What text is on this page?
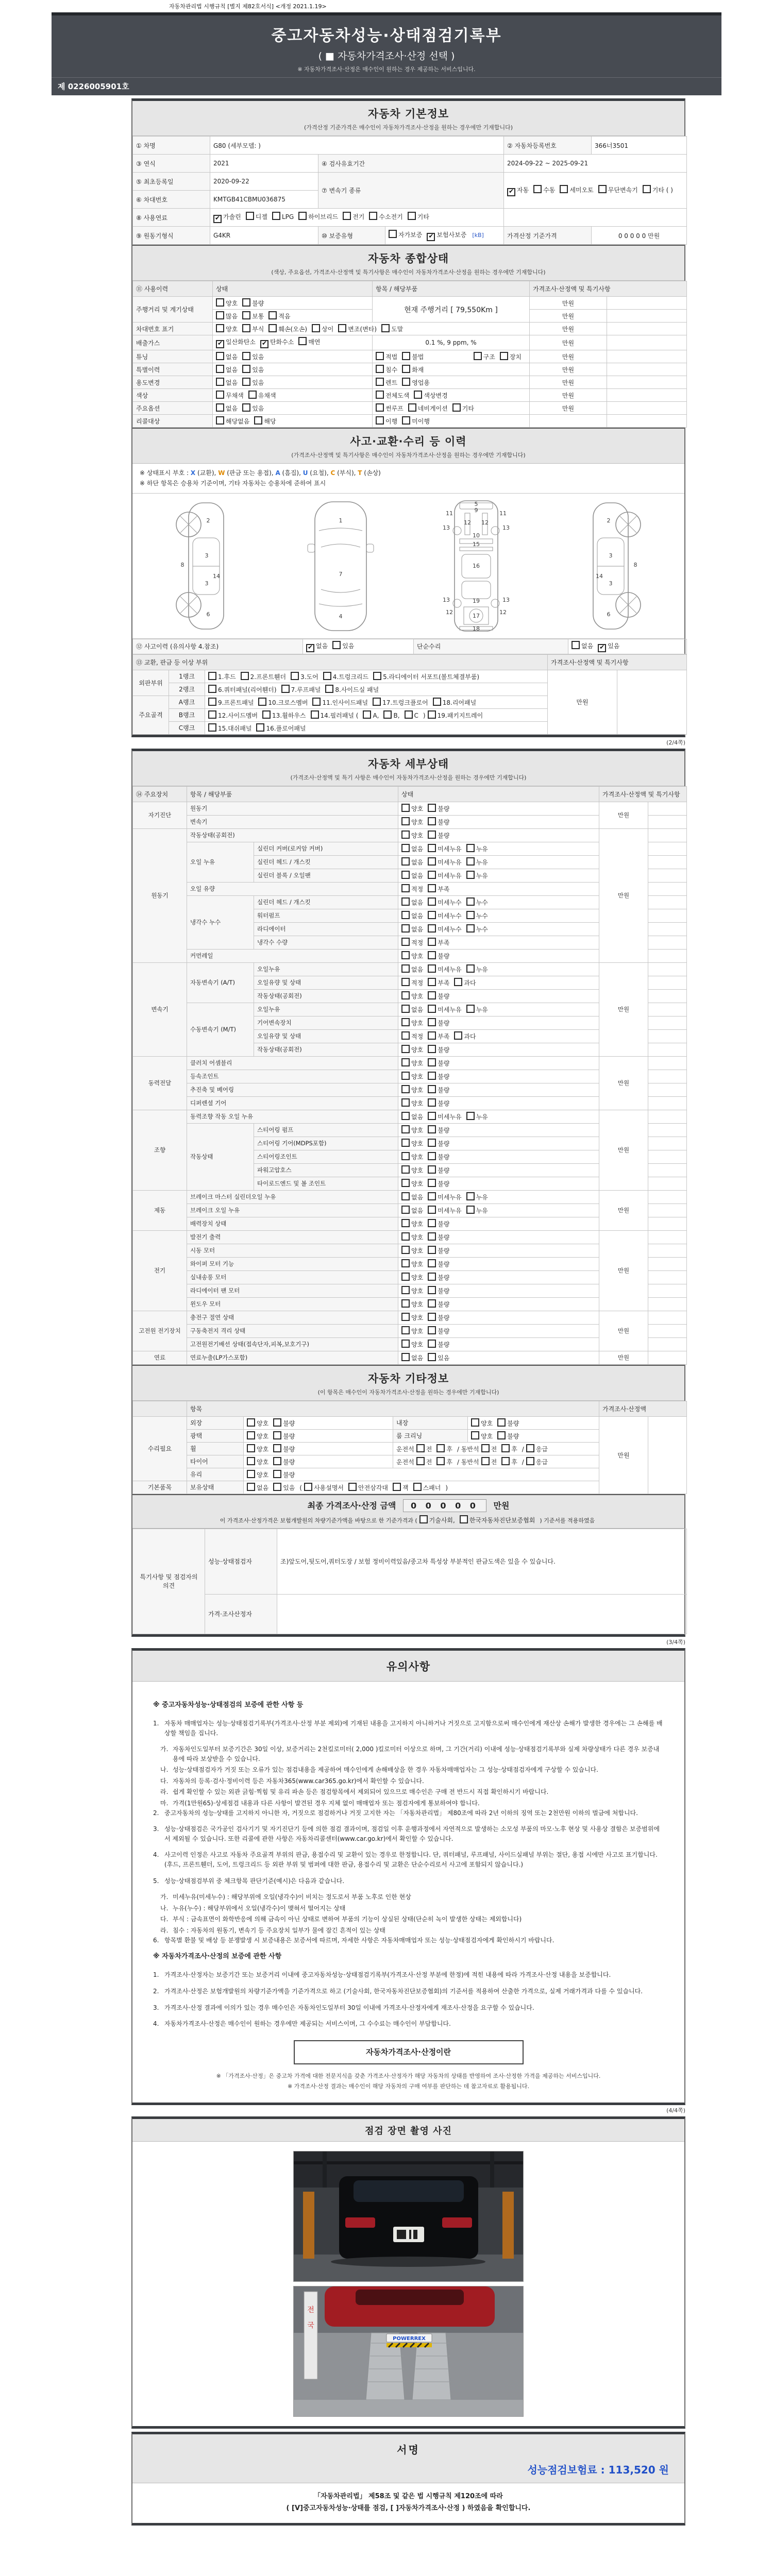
자동차관리법 시행규칙 [별지 제82호서식] <개정 2021.1.19>
중고자동차성능·상태점검기록부
( ■ 자동차가격조사·산정 선택 )
※ 자동차가격조사·산정은 매수인이 원하는 경우 제공하는 서비스입니다.
제 0226005901호
자동차 기본정보
(가격산정 기준가격은 매수인이 자동차가격조사·산정을 원하는 경우에만 기재합니다)
① 차명	G80 (세부모델: )			② 자동차등록번호	366너3501
③ 연식	2021	④ 검사유효기간		2024-09-22 ~ 2025-09-21	
⑤ 최초등록일	2020-09-22	⑦ 변속기 종류		✔ 자동 수동 세미오토 무단변속기 기타 ( )	
⑥ 차대번호	KMTGB41CBMU036875				
⑧ 사용연료	✔ 가솔린 디젤 LPG 하이브리드 전기 수소전기 기타				
⑨ 원동기형식	G4KR	⑩ 보증유형	자가보증 ✔ 보험사보증 [kB]	가격산정 기준가격	0 0 0 0 0 만원
자동차 종합상태
(색상, 주요옵션, 가격조사·산정액 및 특기사항은 매수인이 자동차가격조사·산정을 원하는 경우에만 기재합니다)
⑪ 사용이력	상태	항목 / 해당부품	가격조사·산정액 및 특기사항	
주행거리 및 계기상태	양호 불량	현재 주행거리 [ 79,550Km ]	만원	
	많음 보통 적음		만원	
차대번호 표기	양호 부식 훼손(오손) 상이 변조(변타) 도말		만원	
배출가스	✔ 일산화탄소 ✔ 탄화수소 매연	0.1 %, 9 ppm, %	만원	
튜닝	없음 있음	적법 불법 구조 장치	만원	
특별이력	없음 있음	침수 화재	만원	
용도변경	없음 있음	렌트 영업용	만원	
색상	무채색 유채색	전체도색 색상변경	만원	
주요옵션	없음 있음	썬루프 네비게이션 기타	만원	
리콜대상	해당없음 해당	이행 미이행		
사고·교환·수리 등 이력
(가격조사·산정액 및 특기사항은 매수인이 자동차가격조사·산정을 원하는 경우에만 기재합니다)
※ 상태표시 부호 : X (교환), W (판금 또는 용접), A (흠집), U (요철), C (부식), T (손상)
※ 하단 항목은 승용차 기준이며, 기타 자동차는 승용차에 준하여 표시
2
8
3
14
3
6
1
7
4
5
9
11	11
12 12
13	13
10
15
16
13	13
19
12	12
17
18
2
8
3
14
3
6
⑫ 사고이력 (유의사항 4.참조)	✔ 없음 있음	단순수리	없음 ✔ 있음
⑬ 교환, 판금 등 이상 부위			가격조사·산정액 및 특기사항	
외판부위	1랭크	1.후드 2.프론트휀더 3.도어 4.트렁크리드 5.라디에이터 서포트(볼트체결부품)	만원	
	2랭크	6.쿼터패널(리어휀더) 7.루프패널 8.사이드실 패널		
주요골격	A랭크	9.프론트패널 10.크로스멤버 11.인사이드패널 17.트렁크플로어 18.리어패널		
	B랭크	12.사이드멤버 13.휠하우스 14.필러패널 ( A, B, C ) 19.패키지트레이		
	C랭크	15.대쉬패널 16.플로어패널		
(2/4쪽)
자동차 세부상태
(가격조사·산정액 및 특기 사항은 매수인이 자동차가격조사·산정을 원하는 경우에만 기재합니다)
⑭ 주요장치	항목 / 해당부품		상태	가격조사·산정액 및 특기사항	
자기진단	원동기		양호 불량	만원	
	변속기		양호 불량		
원동기	작동상태(공회전)		양호 불량	만원	
	오일 누유	실린더 커버(로커암 커버)	없음 미세누유 누유		
		실린더 헤드 / 개스킷	없음 미세누유 누유		
		실린더 블록 / 오일팬	없음 미세누유 누유		
	오일 유량		적정 부족		
	냉각수 누수	실린더 헤드 / 개스킷	없음 미세누수 누수		
		워터펌프	없음 미세누수 누수		
		라디에이터	없음 미세누수 누수		
		냉각수 수량	적정 부족		
	커먼레일		양호 불량		
변속기	자동변속기 (A/T)	오일누유	없음 미세누유 누유	만원	
		오일유량 및 상태	적정 부족 과다		
		작동상태(공회전)	양호 불량		
	수동변속기 (M/T)	오일누유	없음 미세누유 누유		
		기어변속장치	양호 불량		
		오일유량 및 상태	적정 부족 과다		
		작동상태(공회전)	양호 불량		
동력전달	클러치 어셈블리		양호 불량	만원	
	등속조인트		양호 불량		
	추진축 및 베어링		양호 불량		
	디퍼렌셜 기어		양호 불량		
조향	동력조향 작동 오일 누유		없음 미세누유 누유	만원	
	작동상태	스티어링 펌프	양호 불량		
		스티어링 기어(MDPS포함)	양호 불량		
		스티어링조인트	양호 불량		
		파워고압호스	양호 불량		
		타이로드엔드 및 볼 조인트	양호 불량		
제동	브레이크 마스터 실린더오일 누유		없음 미세누유 누유	만원	
	브레이크 오일 누유		없음 미세누유 누유		
	배력장치 상태		양호 불량		
전기	발전기 출력		양호 불량	만원	
	시동 모터		양호 불량		
	와이퍼 모터 기능		양호 불량		
	실내송풍 모터		양호 불량		
	라디에이터 팬 모터		양호 불량		
	윈도우 모터		양호 불량		
고전원 전기장치	충전구 절연 상태		양호 불량	만원	
	구동축전지 격리 상태		양호 불량		
	고전원전기배선 상태(접속단자,피복,보호기구)		양호 불량		
연료	연료누출(LP가스포함)		없음 있음	만원	
자동차 기타정보
(이 항목은 매수인이 자동차가격조사·산정을 원하는 경우에만 기재합니다)
	항목				가격조사·산정액	
수리필요	외장	양호 불량	내장	양호 불량	만원	
	광택	양호 불량	룸 크리닝	양호 불량		
	휠	양호 불량	운전석 전 후 / 동반석 전 후 / 응급			
	타이어	양호 불량	운전석 전 후 / 동반석 전 후 / 응급			
	유리	양호 불량				
기본품목	보유상태	없음 있음 (사용설명서 안전삼각대 잭 스패너)				
최종 가격조사·산정 금액 0 0 0 0 0 만원
이 가격조사·산정가격은 보험개발원의 차량기준가액을 바탕으로 한 기준가격과 ( 기술사회, 한국자동차진단보증협회 ) 기준서를 적용하였음
특기사항 및 점검자의 의견	성능·상태점검자	조)앞도어,뒷도어,쿼터도장 / 보험 정비이력있음/중고차 특성상 부분적인 판금도색은 있을 수 있습니다.
	가격·조사산정자	
(3/4쪽)
유의사항
※ 중고자동차성능·상태점검의 보증에 관한 사항 등
1. 자동차 매매업자는 성능·상태점검기록부(가격조사·산정 부분 제외)에 기재된 내용을 고지하지 아니하거나 거짓으로 고지함으로써 매수인에게 재산상 손해가 발생한 경우에는 그 손해를 배상할 책임을 집니다.
가. 자동차인도일부터 보증기간은 30일 이상, 보증거리는 2천킬로미터( 2,000 )킬로미터 이상으로 하며, 그 기간(거리) 이내에 성능·상태점검기록부와 실제 차량상태가 다른 경우 보증내용에 따라 보상받을 수 있습니다.
나. 성능·상태점검자가 거짓 또는 오류가 있는 점검내용을 제공하여 매수인에게 손해배상을 한 경우 자동차매매업자는 그 성능·상태점검자에게 구상할 수 있습니다.
다. 자동차의 등록·검사·정비이력 등은 자동차365(www.car365.go.kr)에서 확인할 수 있습니다.
라. 쉽게 확인할 수 있는 외관 긁힘·찍힘 및 유리 파손 등은 점검항목에서 제외되어 있으므로 매수인은 구매 전 반드시 직접 확인하시기 바랍니다.
마. 가격(1만원65)·상세점검 내용과 다른 사항이 발견된 경우 지체 없이 매매업자 또는 점검자에게 통보하여야 합니다.
2. 중고자동차의 성능·상태를 고지하지 아니한 자, 거짓으로 점검하거나 거짓 고지한 자는 「자동차관리법」 제80조에 따라 2년 이하의 징역 또는 2천만원 이하의 벌금에 처합니다.
3. 성능·상태점검은 국가공인 검사기기 및 자기진단기 등에 의한 점검 결과이며, 점검일 이후 운행과정에서 자연적으로 발생하는 소모성 부품의 마모·노후 현상 및 사용상 결함은 보증범위에서 제외될 수 있습니다. 또한 리콜에 관한 사항은 자동차리콜센터(www.car.go.kr)에서 확인할 수 있습니다.
4. 사고이력 인정은 사고로 자동차 주요골격 부위의 판금, 용접수리 및 교환이 있는 경우로 한정합니다. 단, 쿼터패널, 루프패널, 사이드실패널 부위는 절단, 용접 시에만 사고로 표기합니다. (후드, 프론트휀더, 도어, 트렁크리드 등 외판 부위 및 범퍼에 대한 판금, 용접수리 및 교환은 단순수리로서 사고에 포함되지 않습니다.)
5. 성능·상태점검부위 중 체크항목 판단기준(예시)은 다음과 같습니다.
가. 미세누유(미세누수) : 해당부위에 오일(냉각수)이 비치는 정도로서 부품 노후로 인한 현상
나. 누유(누수) : 해당부위에서 오일(냉각수)이 맺혀서 떨어지는 상태
다. 부식 : 금속표면이 화학반응에 의해 금속이 아닌 상태로 변하여 부품의 기능이 상실된 상태(단순히 녹이 발생한 상태는 제외합니다)
라. 침수 : 자동차의 원동기, 변속기 등 주요장치 일부가 물에 잠긴 흔적이 있는 상태
6. 항목별 환불 및 배상 등 분쟁발생 시 보증내용은 보증서에 따르며, 자세한 사항은 자동차매매업자 또는 성능·상태점검자에게 확인하시기 바랍니다.
※ 자동차가격조사·산정의 보증에 관한 사항
1. 가격조사·산정자는 보증기간 또는 보증거리 이내에 중고자동차성능·상태점검기록부(가격조사·산정 부분에 한정)에 적힌 내용에 따라 가격조사·산정 내용을 보증합니다.
2. 가격조사·산정은 보험개발원의 차량기준가액을 기준가격으로 하고 (기술사회, 한국자동차진단보증협회)의 기준서를 적용하여 산출한 가격으로, 실제 거래가격과 다를 수 있습니다.
3. 가격조사·산정 결과에 이의가 있는 경우 매수인은 자동차인도일부터 30일 이내에 가격조사·산정자에게 재조사·산정을 요구할 수 있습니다.
4. 자동차가격조사·산정은 매수인이 원하는 경우에만 제공되는 서비스이며, 그 수수료는 매수인이 부담합니다.
자동차가격조사·산정이란
※ 「가격조사·산정」은 중고차 가격에 대한 전문지식을 갖춘 가격조사·산정자가 해당 자동차의 상태를 반영하여 조사·산정한 가격을 제공하는 서비스입니다.
※ 가격조사·산정 결과는 매수인이 해당 자동차의 구매 여부를 판단하는 데 참고자료로 활용됩니다.
(4/4쪽)
점검 장면 촬영 사진
전
국
POWERREX
서명
성능점검보험료 : 113,520 원
「자동차관리법」 제58조 및 같은 법 시행규칙 제120조에 따라
( [V]중고자동차성능·상태를 점검, [ ]자동차가격조사·산정 ) 하였음을 확인합니다.
